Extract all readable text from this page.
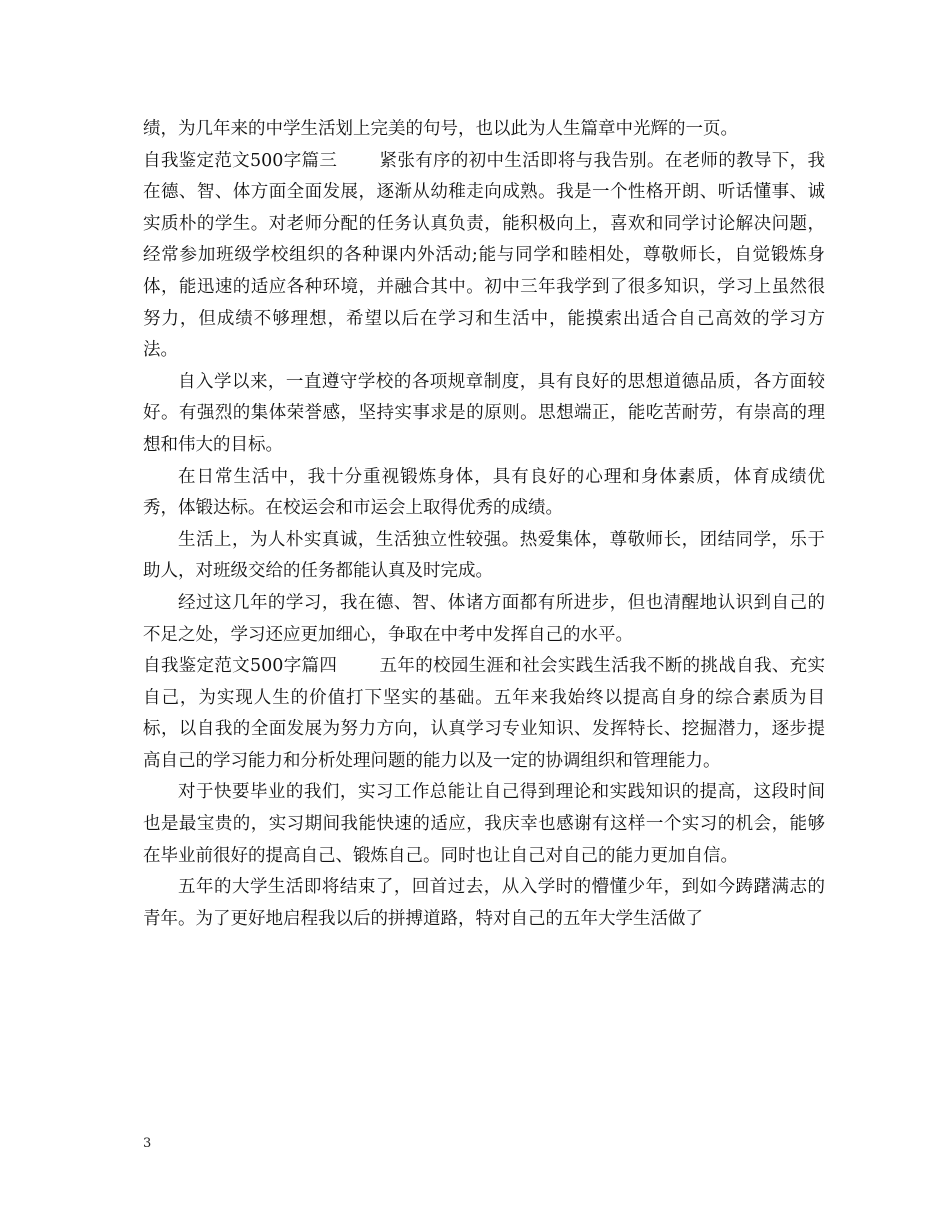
绩，为几年来的中学生活划上完美的句号，也以此为人生篇章中光辉的一页。

自我鉴定范文500字篇三 紧张有序的初中生活即将与我告别。在老师的教导下，我在德、智、体方面全面发展，逐渐从幼稚走向成熟。我是一个性格开朗、听话懂事、诚实质朴的学生。对老师分配的任务认真负责，能积极向上，喜欢和同学讨论解决问题，经常参加班级学校组织的各种课内外活动;能与同学和睦相处，尊敬师长，自觉锻炼身体，能迅速的适应各种环境，并融合其中。初中三年我学到了很多知识，学习上虽然很努力，但成绩不够理想，希望以后在学习和生活中，能摸索出适合自己高效的学习方法。

自入学以来，一直遵守学校的各项规章制度，具有良好的思想道德品质，各方面较好。有强烈的集体荣誉感，坚持实事求是的原则。思想端正，能吃苦耐劳，有崇高的理想和伟大的目标。

在日常生活中，我十分重视锻炼身体，具有良好的心理和身体素质，体育成绩优秀，体锻达标。在校运会和市运会上取得优秀的成绩。

生活上，为人朴实真诚，生活独立性较强。热爱集体，尊敬师长，团结同学，乐于助人，对班级交给的任务都能认真及时完成。

经过这几年的学习，我在德、智、体诸方面都有所进步，但也清醒地认识到自己的不足之处，学习还应更加细心，争取在中考中发挥自己的水平。

自我鉴定范文500字篇四 五年的校园生涯和社会实践生活我不断的挑战自我、充实自己，为实现人生的价值打下坚实的基础。五年来我始终以提高自身的综合素质为目标，以自我的全面发展为努力方向，认真学习专业知识、发挥特长、挖掘潜力，逐步提高自己的学习能力和分析处理问题的能力以及一定的协调组织和管理能力。

对于快要毕业的我们，实习工作总能让自己得到理论和实践知识的提高，这段时间也是最宝贵的，实习期间我能快速的适应，我庆幸也感谢有这样一个实习的机会，能够在毕业前很好的提高自己、锻炼自己。同时也让自己对自己的能力更加自信。

五年的大学生活即将结束了，回首过去，从入学时的懵懂少年，到如今踌躇满志的青年。为了更好地启程我以后的拼搏道路，特对自己的五年大学生活做了

3
